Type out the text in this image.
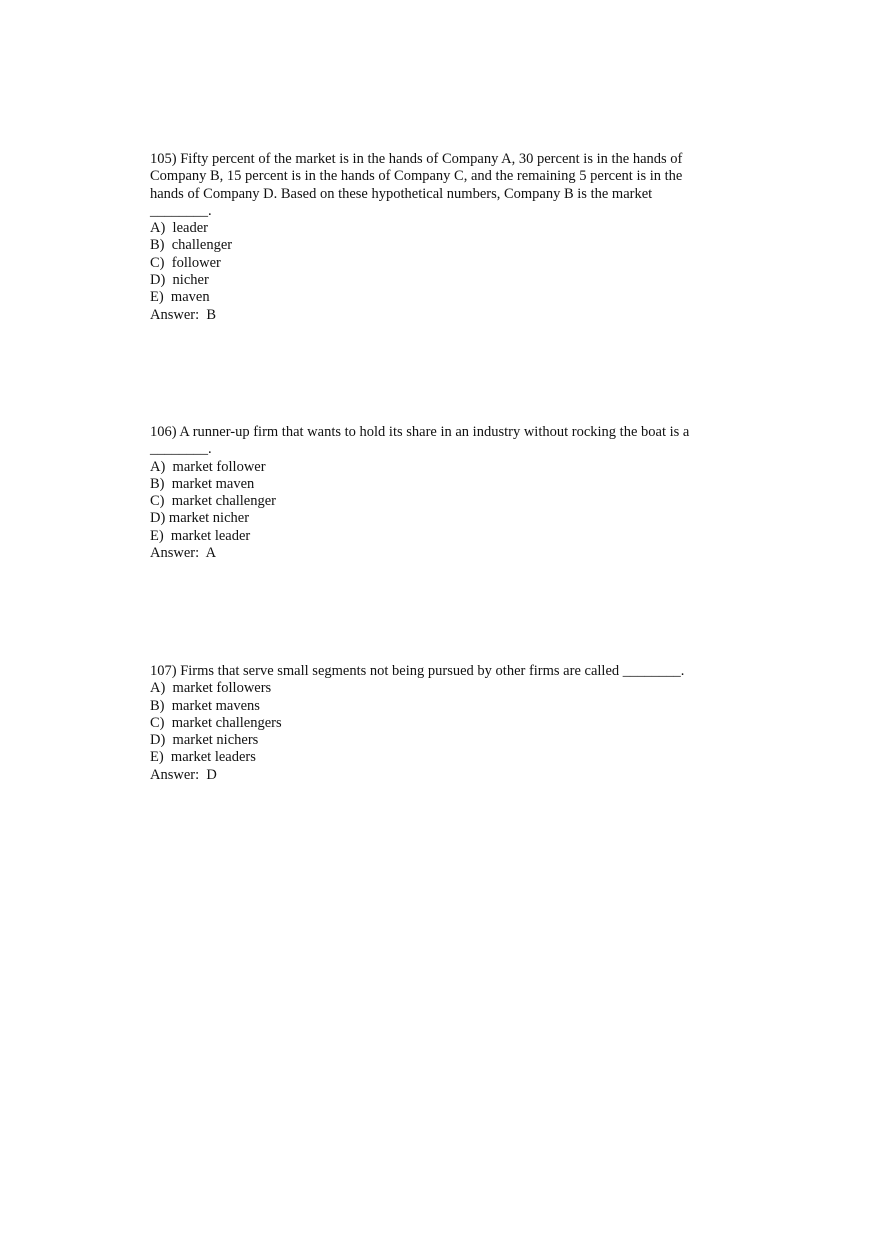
105) Fifty percent of the market is in the hands of Company A, 30 percent is in the hands of
Company B, 15 percent is in the hands of Company C, and the remaining 5 percent is in the
hands of Company D. Based on these hypothetical numbers, Company B is the market
________.
A)  leader
B)  challenger
C)  follower
D)  nicher
E)  maven
Answer:  B
106) A runner-up firm that wants to hold its share in an industry without rocking the boat is a
________.
A)  market follower
B)  market maven
C)  market challenger
D) market nicher
E)  market leader
Answer:  A
107) Firms that serve small segments not being pursued by other firms are called ________.
A)  market followers
B)  market mavens
C)  market challengers
D)  market nichers
E)  market leaders
Answer:  D
